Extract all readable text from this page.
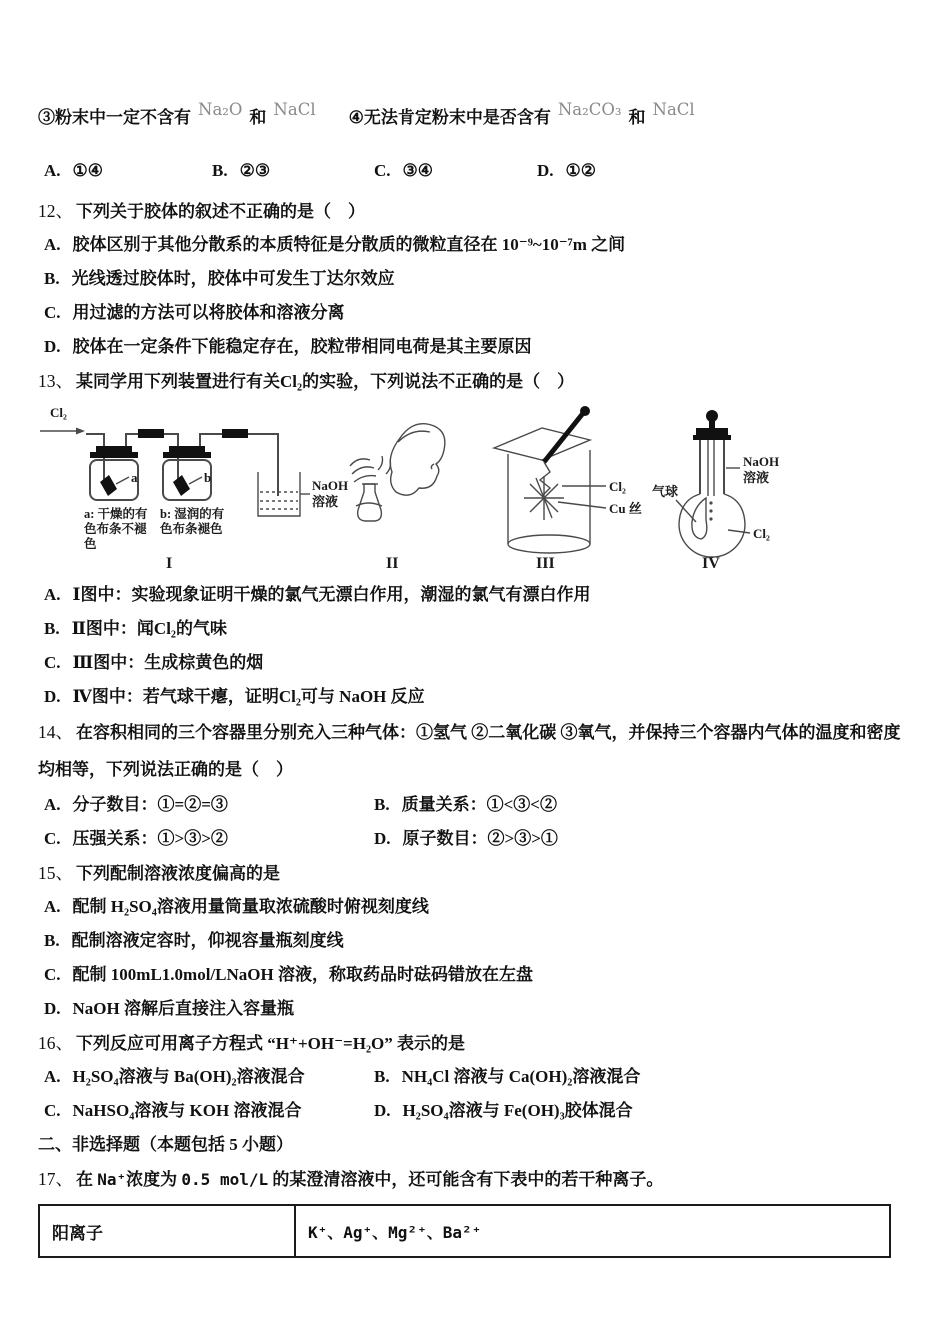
③粉末中一定不含有 Na₂O 和 NaCl ④无法肯定粉末中是否含有 Na₂CO₃ 和 NaCl
A. ①④	B. ②③	C. ③④	D. ①②
12、 下列关于胶体的叙述不正确的是（　）
A. 胶体区别于其他分散系的本质特征是分散质的微粒直径在 10⁻⁹~10⁻⁷m 之间
B. 光线透过胶体时，胶体中可发生丁达尔效应
C. 用过滤的方法可以将胶体和溶液分离
D. 胶体在一定条件下能稳定存在，胶粒带相同电荷是其主要原因
13、 某同学用下列装置进行有关Cl₂的实验，下列说法不正确的是（　）
Cl₂
a	b
NaOH
溶液
a: 干燥的有
色布条不褪
色
b: 湿润的有
色布条褪色
I	II
Cl₂
Cu 丝
III
气球
NaOH
溶液
Cl₂
IV
A. Ⅰ图中：实验现象证明干燥的氯气无漂白作用，潮湿的氯气有漂白作用
B. Ⅱ图中：闻Cl₂的气味
C. Ⅲ图中：生成棕黄色的烟
D. Ⅳ图中：若气球干瘪，证明Cl₂可与 NaOH 反应
14、 在容积相同的三个容器里分别充入三种气体：①氢气 ②二氧化碳 ③氧气，并保持三个容器内气体的温度和密度
均相等，下列说法正确的是（　）
A. 分子数目：①=②=③	B. 质量关系：①<③<②
C. 压强关系：①>③>②	D. 原子数目：②>③>①
15、 下列配制溶液浓度偏高的是
A. 配制 H₂SO₄溶液用量筒量取浓硫酸时俯视刻度线
B. 配制溶液定容时，仰视容量瓶刻度线
C. 配制 100mL1.0mol/LNaOH 溶液，称取药品时砝码错放在左盘
D. NaOH 溶解后直接注入容量瓶
16、 下列反应可用离子方程式 “H⁺+OH⁻=H₂O” 表示的是
A. H₂SO₄溶液与 Ba(OH)₂溶液混合	B. NH₄Cl 溶液与 Ca(OH)₂溶液混合
C. NaHSO₄溶液与 KOH 溶液混合	D. H₂SO₄溶液与 Fe(OH)₃胶体混合
二、非选择题（本题包括 5 小题）
17、 在 Na⁺浓度为 0.5 mol/L 的某澄清溶液中，还可能含有下表中的若干种离子。
阳离子	K⁺、Ag⁺、Mg²⁺、Ba²⁺
